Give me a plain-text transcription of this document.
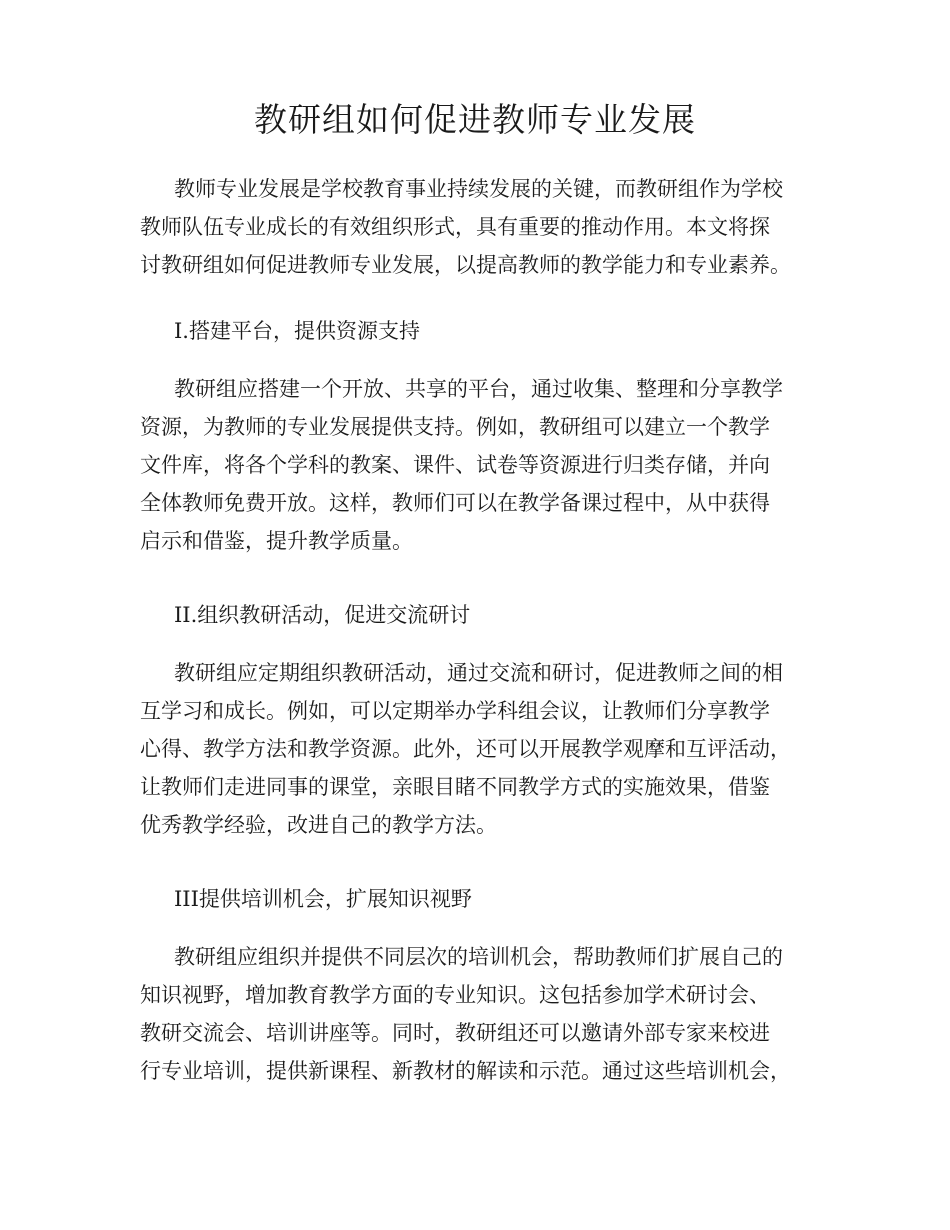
教研组如何促进教师专业发展
教师专业发展是学校教育事业持续发展的关键，而教研组作为学校
教师队伍专业成长的有效组织形式，具有重要的推动作用。本文将探
讨教研组如何促进教师专业发展，以提高教师的教学能力和专业素养。
I.搭建平台，提供资源支持
教研组应搭建一个开放、共享的平台，通过收集、整理和分享教学
资源，为教师的专业发展提供支持。例如，教研组可以建立一个教学
文件库，将各个学科的教案、课件、试卷等资源进行归类存储，并向
全体教师免费开放。这样，教师们可以在教学备课过程中，从中获得
启示和借鉴，提升教学质量。
II.组织教研活动，促进交流研讨
教研组应定期组织教研活动，通过交流和研讨，促进教师之间的相
互学习和成长。例如，可以定期举办学科组会议，让教师们分享教学
心得、教学方法和教学资源。此外，还可以开展教学观摩和互评活动，
让教师们走进同事的课堂，亲眼目睹不同教学方式的实施效果，借鉴
优秀教学经验，改进自己的教学方法。
III提供培训机会，扩展知识视野
教研组应组织并提供不同层次的培训机会，帮助教师们扩展自己的
知识视野，增加教育教学方面的专业知识。这包括参加学术研讨会、
教研交流会、培训讲座等。同时，教研组还可以邀请外部专家来校进
行专业培训，提供新课程、新教材的解读和示范。通过这些培训机会，
